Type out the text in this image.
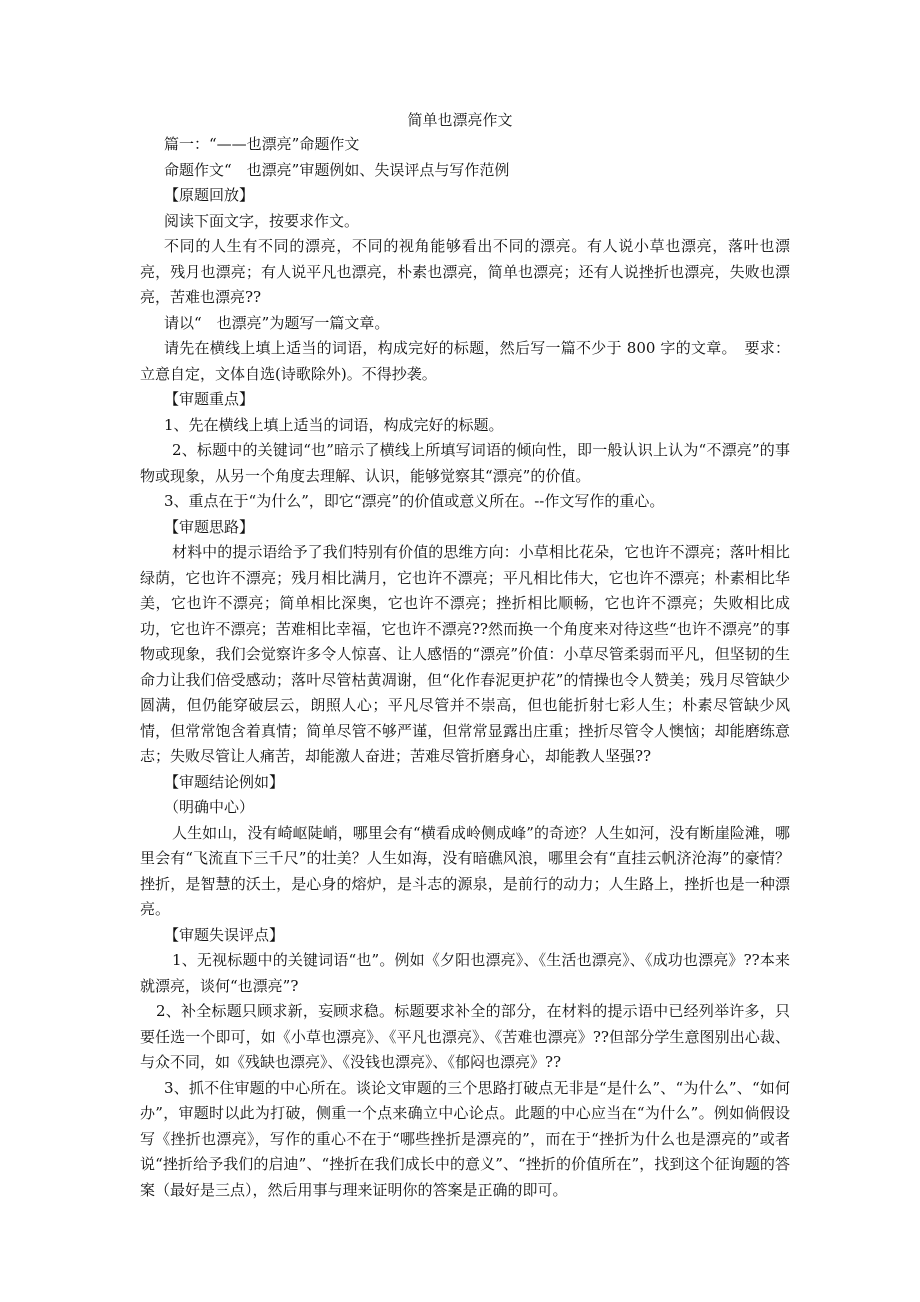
简单也漂亮作文

篇一：“——也漂亮”命题作文

命题作文“　也漂亮”审题例如、失误评点与写作范例

【原题回放】

阅读下面文字，按要求作文。

不同的人生有不同的漂亮，不同的视角能够看出不同的漂亮。有人说小草也漂亮，落叶也漂亮，残月也漂亮；有人说平凡也漂亮，朴素也漂亮，简单也漂亮；还有人说挫折也漂亮，失败也漂亮，苦难也漂亮??

请以“　也漂亮”为题写一篇文章。

请先在横线上填上适当的词语，构成完好的标题，然后写一篇不少于 800 字的文章。　要求：立意自定，文体自选(诗歌除外)。不得抄袭。

【审题重点】

1、先在横线上填上适当的词语，构成完好的标题。

2、标题中的关键词“也”暗示了横线上所填写词语的倾向性，即一般认识上认为“不漂亮”的事物或现象，从另一个角度去理解、认识，能够觉察其“漂亮”的价值。

3、重点在于“为什么”，即它“漂亮”的价值或意义所在。--作文写作的重心。

【审题思路】

材料中的提示语给予了我们特别有价值的思维方向：小草相比花朵，它也许不漂亮；落叶相比绿荫，它也许不漂亮；残月相比满月，它也许不漂亮；平凡相比伟大，它也许不漂亮；朴素相比华美，它也许不漂亮；简单相比深奥，它也许不漂亮；挫折相比顺畅，它也许不漂亮；失败相比成功，它也许不漂亮；苦难相比幸福，它也许不漂亮??然而换一个角度来对待这些“也许不漂亮”的事物或现象，我们会觉察许多令人惊喜、让人感悟的“漂亮”价值：小草尽管柔弱而平凡，但坚韧的生命力让我们倍受感动；落叶尽管枯黄凋谢，但“化作春泥更护花”的情操也令人赞美；残月尽管缺少圆满，但仍能穿破层云，朗照人心；平凡尽管并不崇高，但也能折射七彩人生；朴素尽管缺少风情，但常常饱含着真情；简单尽管不够严谨，但常常显露出庄重；挫折尽管令人懊恼；却能磨练意志；失败尽管让人痛苦，却能激人奋进；苦难尽管折磨身心，却能教人坚强??

【审题结论例如】

（明确中心）

人生如山，没有崎岖陡峭，哪里会有“横看成岭侧成峰”的奇迹？人生如河，没有断崖险滩，哪里会有“飞流直下三千尺”的壮美？人生如海，没有暗礁风浪，哪里会有“直挂云帆济沧海”的豪情？挫折，是智慧的沃土，是心身的熔炉，是斗志的源泉，是前行的动力；人生路上，挫折也是一种漂亮。

【审题失误评点】

1、无视标题中的关键词语“也”。例如《夕阳也漂亮》、《生活也漂亮》、《成功也漂亮》??本来就漂亮，谈何“也漂亮”?

2、补全标题只顾求新，妄顾求稳。标题要求补全的部分，在材料的提示语中已经列举许多，只要任选一个即可，如《小草也漂亮》、《平凡也漂亮》、《苦难也漂亮》??但部分学生意图别出心裁、与众不同，如《残缺也漂亮》、《没钱也漂亮》、《郁闷也漂亮》??

3、抓不住审题的中心所在。谈论文审题的三个思路打破点无非是“是什么”、“为什么”、“如何办”，审题时以此为打破，侧重一个点来确立中心论点。此题的中心应当在“为什么”。例如倘假设写《挫折也漂亮》，写作的重心不在于“哪些挫折是漂亮的”，而在于“挫折为什么也是漂亮的”或者说“挫折给予我们的启迪”、“挫折在我们成长中的意义”、“挫折的价值所在”，找到这个征询题的答案（最好是三点），然后用事与理来证明你的答案是正确的即可。
